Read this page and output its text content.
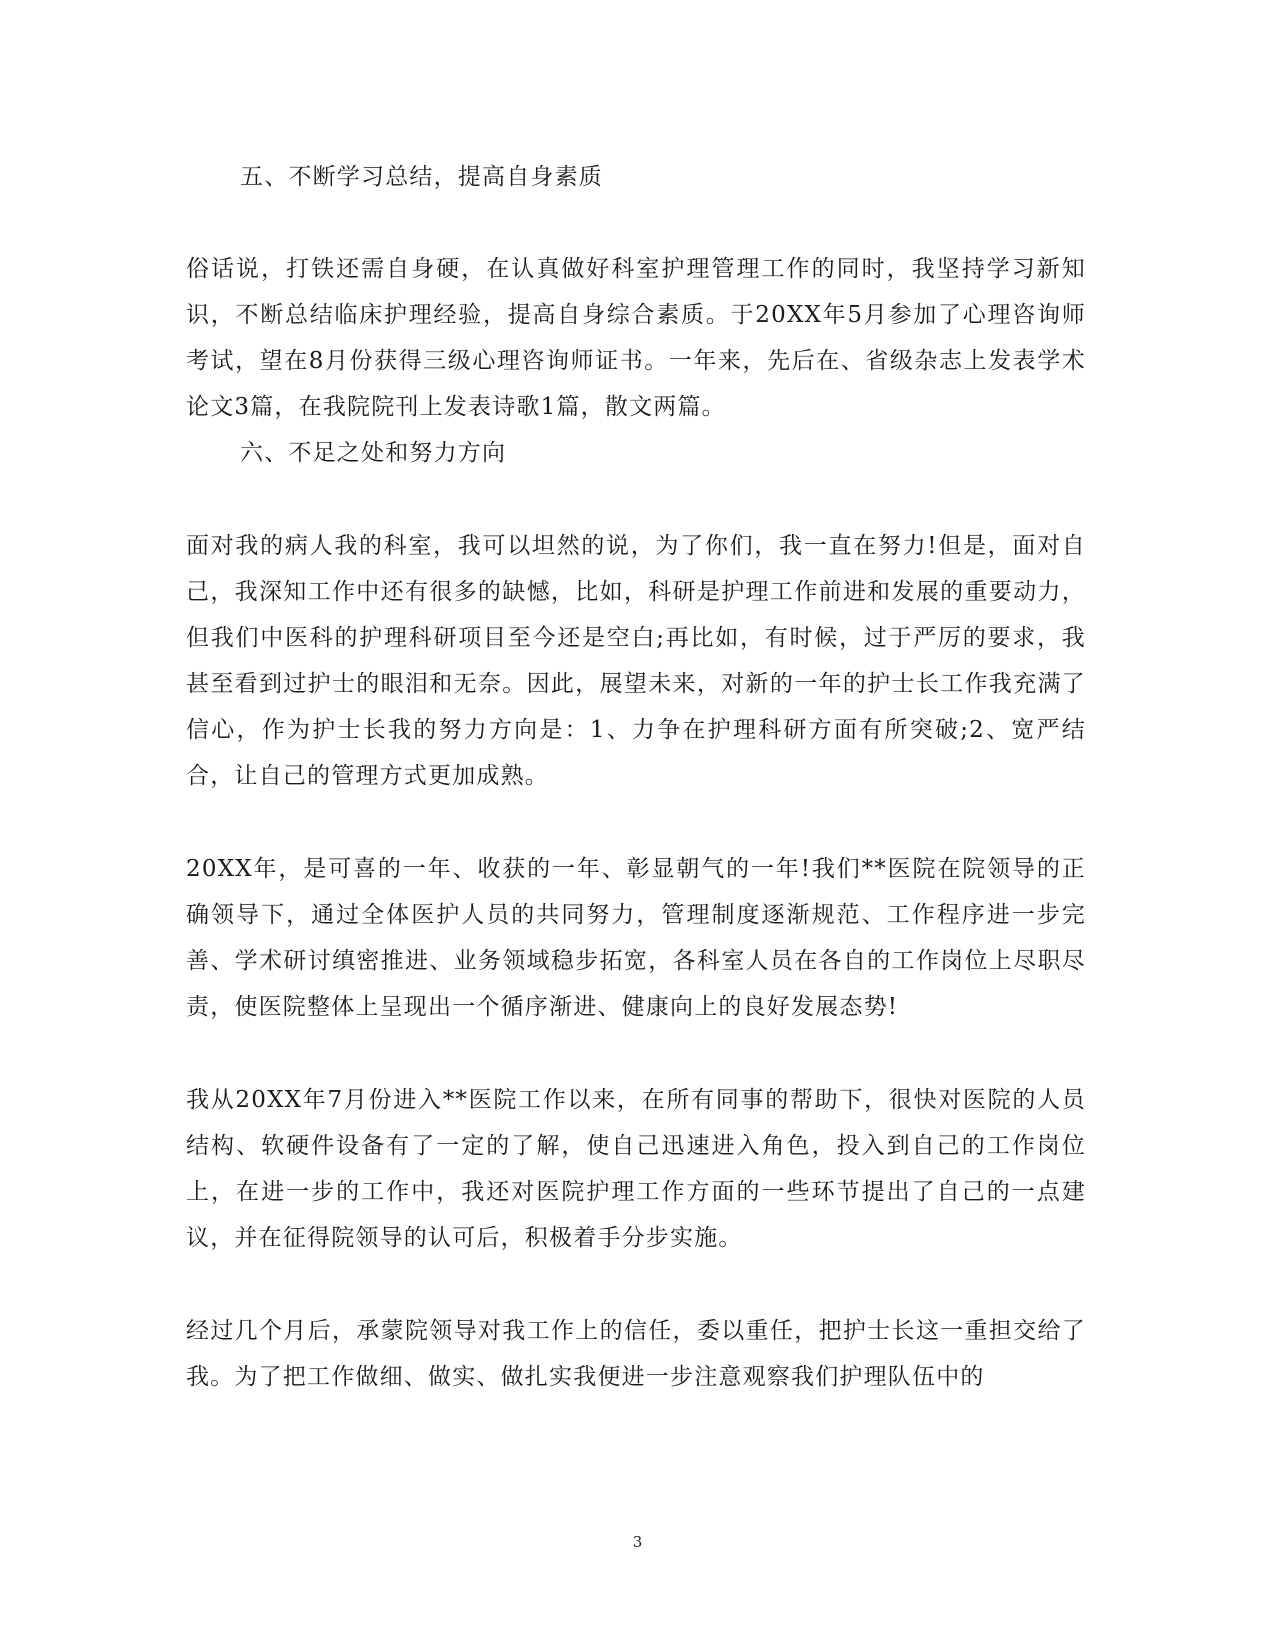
五、不断学习总结，提高自身素质
俗话说，打铁还需自身硬，在认真做好科室护理管理工作的同时，我坚持学习新知识，不断总结临床护理经验，提高自身综合素质。于20XX年5月参加了心理咨询师考试，望在8月份获得三级心理咨询师证书。一年来，先后在、省级杂志上发表学术论文3篇，在我院院刊上发表诗歌1篇，散文两篇。
六、不足之处和努力方向
面对我的病人我的科室，我可以坦然的说，为了你们，我一直在努力!但是，面对自己，我深知工作中还有很多的缺憾，比如，科研是护理工作前进和发展的重要动力，但我们中医科的护理科研项目至今还是空白;再比如，有时候，过于严厉的要求，我甚至看到过护士的眼泪和无奈。因此，展望未来，对新的一年的护士长工作我充满了信心，作为护士长我的努力方向是：1、力争在护理科研方面有所突破;2、宽严结合，让自己的管理方式更加成熟。
20XX年，是可喜的一年、收获的一年、彰显朝气的一年!我们**医院在院领导的正确领导下，通过全体医护人员的共同努力，管理制度逐渐规范、工作程序进一步完善、学术研讨缜密推进、业务领域稳步拓宽，各科室人员在各自的工作岗位上尽职尽责，使医院整体上呈现出一个循序渐进、健康向上的良好发展态势!
我从20XX年7月份进入**医院工作以来，在所有同事的帮助下，很快对医院的人员结构、软硬件设备有了一定的了解，使自己迅速进入角色，投入到自己的工作岗位上，在进一步的工作中，我还对医院护理工作方面的一些环节提出了自己的一点建议，并在征得院领导的认可后，积极着手分步实施。
经过几个月后，承蒙院领导对我工作上的信任，委以重任，把护士长这一重担交给了我。为了把工作做细、做实、做扎实我便进一步注意观察我们护理队伍中的
3
